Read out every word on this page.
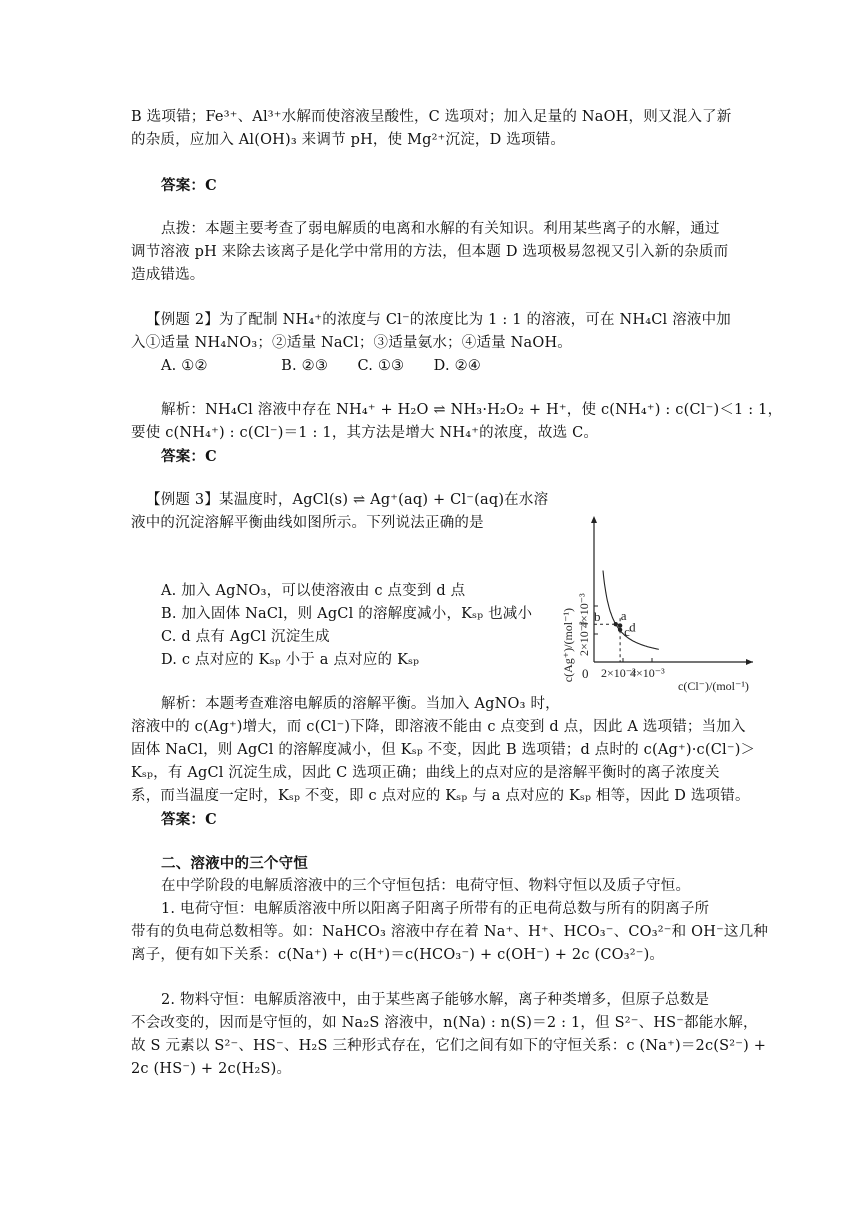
B 选项错；Fe³⁺、Al³⁺水解而使溶液呈酸性，C 选项对；加入足量的 NaOH，则又混入了新
的杂质，应加入 Al(OH)₃ 来调节 pH，使 Mg²⁺沉淀，D 选项错。
答案：C
点拨：本题主要考查了弱电解质的电离和水解的有关知识。利用某些离子的水解，通过
调节溶液 pH 来除去该离子是化学中常用的方法，但本题 D 选项极易忽视又引入新的杂质而
造成错选。
【例题 2】为了配制 NH₄⁺的浓度与 Cl⁻的浓度比为 1 : 1 的溶液，可在 NH₄Cl 溶液中加
入①适量 NH₄NO₃；②适量 NaCl；③适量氨水；④适量 NaOH。
A. ①②　　　　　B. ②③　　C. ①③　　D. ②④
解析：NH₄Cl 溶液中存在 NH₄⁺ + H₂O ⇌ NH₃·H₂O₂ + H⁺，使 c(NH₄⁺) : c(Cl⁻)＜1 : 1，
要使 c(NH₄⁺) : c(Cl⁻)＝1 : 1，其方法是增大 NH₄⁺的浓度，故选 C。
答案：C
【例题 3】某温度时，AgCl(s) ⇌ Ag⁺(aq) + Cl⁻(aq)在水溶
液中的沉淀溶解平衡曲线如图所示。下列说法正确的是
A. 加入 AgNO₃，可以使溶液由 c 点变到 d 点
B. 加入固体 NaCl，则 AgCl 的溶解度减小，Kₛₚ 也减小
C. d 点有 AgCl 沉淀生成
D. c 点对应的 Kₛₚ 小于 a 点对应的 Kₛₚ
解析：本题考查难溶电解质的溶解平衡。当加入 AgNO₃ 时，
溶液中的 c(Ag⁺)增大，而 c(Cl⁻)下降，即溶液不能由 c 点变到 d 点，因此 A 选项错；当加入
固体 NaCl，则 AgCl 的溶解度减小，但 Kₛₚ 不变，因此 B 选项错；d 点时的 c(Ag⁺)·c(Cl⁻)＞
Kₛₚ，有 AgCl 沉淀生成，因此 C 选项正确；曲线上的点对应的是溶解平衡时的离子浓度关
系，而当温度一定时，Kₛₚ 不变，即 c 点对应的 Kₛₚ 与 a 点对应的 Kₛₚ 相等，因此 D 选项错。
答案：C
二、溶液中的三个守恒
在中学阶段的电解质溶液中的三个守恒包括：电荷守恒、物料守恒以及质子守恒。
1. 电荷守恒：电解质溶液中所以阳离子阳离子所带有的正电荷总数与所有的阴离子所
带有的负电荷总数相等。如：NaHCO₃ 溶液中存在着 Na⁺、H⁺、HCO₃⁻、CO₃²⁻和 OH⁻这几种
离子，便有如下关系：c(Na⁺) + c(H⁺)＝c(HCO₃⁻) + c(OH⁻) + 2c (CO₃²⁻)。
2. 物料守恒：电解质溶液中，由于某些离子能够水解，离子种类增多，但原子总数是
不会改变的，因而是守恒的，如 Na₂S 溶液中，n(Na) : n(S)＝2 : 1，但 S²⁻、HS⁻都能水解，
故 S 元素以 S²⁻、HS⁻、H₂S 三种形式存在，它们之间有如下的守恒关系：c (Na⁺)＝2c(S²⁻) +
2c (HS⁻) + 2c(H₂S)。
2×10⁻³
4×10⁻³
2×10⁻³
4×10⁻³
0
c(Cl⁻)/(mol⁻¹)
c(Ag⁺)/(mol⁻¹)	a
b
c d
